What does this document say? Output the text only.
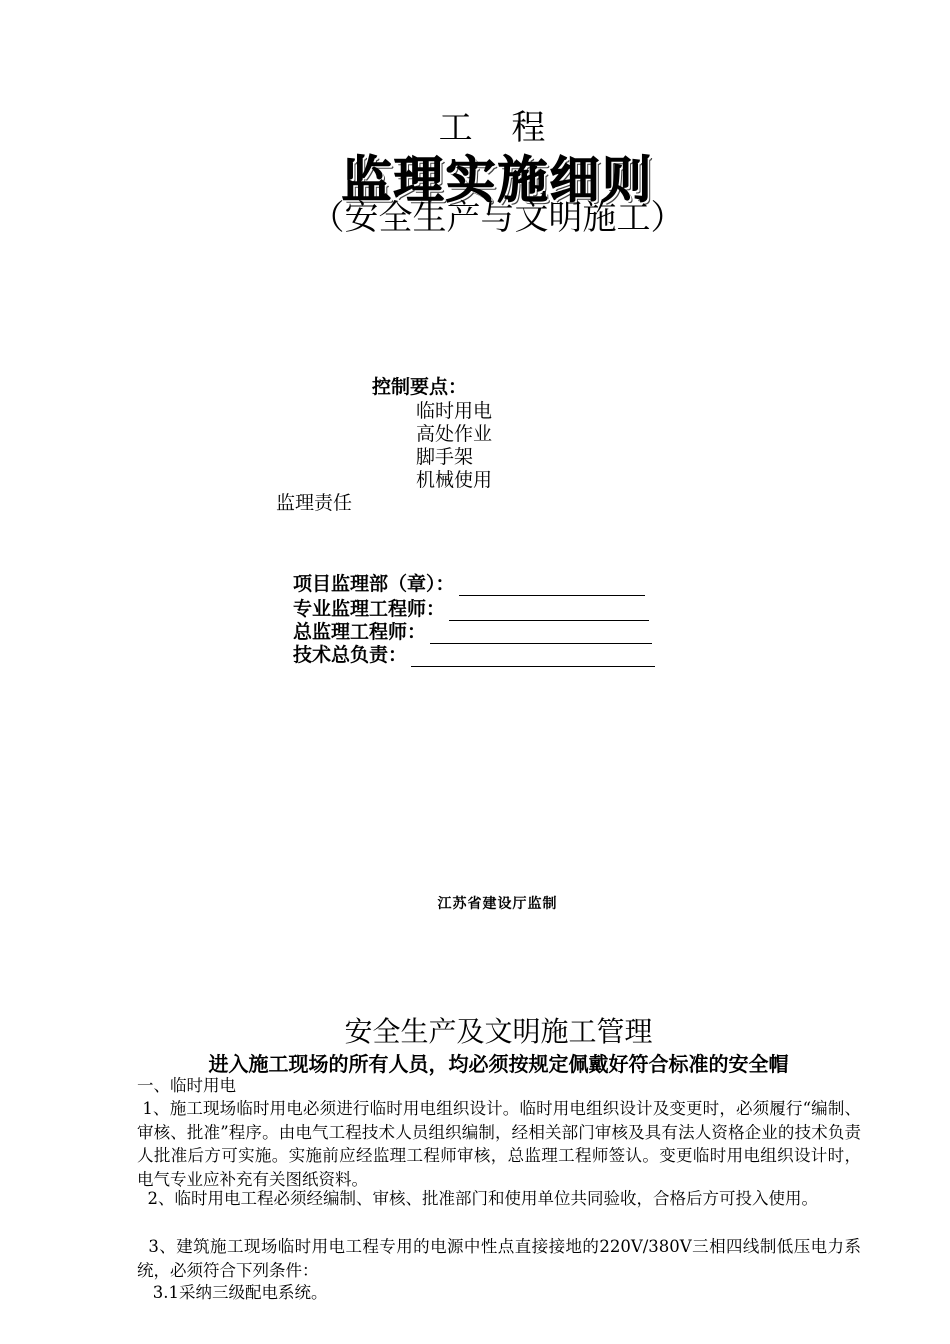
工 程
监理实施细则
（安全生产与文明施工）
控制要点：
临时用电
高处作业
脚手架
机械使用
监理责任
项目监理部（章）：
专业监理工程师：
总监理工程师：
技术总负责：
江苏省建设厅监制
安全生产及文明施工管理
进入施工现场的所有人员，均必须按规定佩戴好符合标准的安全帽
一、临时用电
1、施工现场临时用电必须进行临时用电组织设计。临时用电组织设计及变更时，必须履行“编制、审核、批准”程序。由电气工程技术人员组织编制，经相关部门审核及具有法人资格企业的技术负责人批准后方可实施。实施前应经监理工程师审核，总监理工程师签认。变更临时用电组织设计时，电气专业应补充有关图纸资料。
2、临时用电工程必须经编制、审核、批准部门和使用单位共同验收，合格后方可投入使用。
3、建筑施工现场临时用电工程专用的电源中性点直接接地的220V/380V三相四线制低压电力系统，必须符合下列条件：
3.1采纳三级配电系统。
